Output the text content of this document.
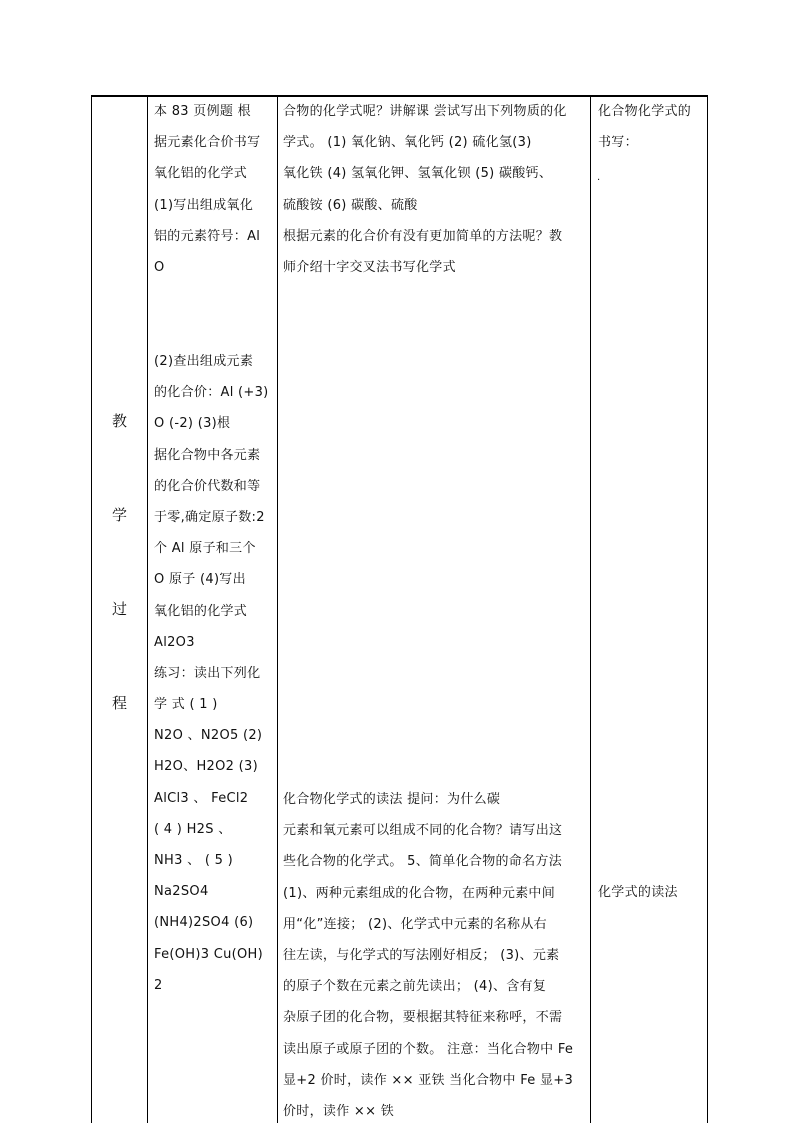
教
学
过
程
本 83 页例题 根
据元素化合价书写
氧化铝的化学式
(1)写出组成氧化
铝的元素符号：Al
O
(2)查出组成元素
的化合价：Al (+3)
O (-2) (3)根
据化合物中各元素
的化合价代数和等
于零,确定原子数:2
个 Al 原子和三个
O 原子 (4)写出
氧化铝的化学式
Al2O3
练习：读出下列化
学 式 ( 1 )
N2O 、N2O5 (2)
H2O、H2O2 (3)
AlCl3 、 FeCl2
( 4 ) H2S 、
NH3 、 ( 5 )
Na2SO4
(NH4)2SO4 (6)
Fe(OH)3 Cu(OH)
2
合物的化学式呢？讲解课 尝试写出下列物质的化
学式。 (1) 氧化钠、氧化钙 (2) 硫化氢(3)
氧化铁 (4) 氢氧化钾、氢氧化钡 (5) 碳酸钙、
硫酸铵 (6) 碳酸、硫酸
根据元素的化合价有没有更加简单的方法呢？教
师介绍十字交叉法书写化学式
化合物化学式的读法 提问：为什么碳
元素和氧元素可以组成不同的化合物？请写出这
些化合物的化学式。 5、简单化合物的命名方法
(1)、两种元素组成的化合物，在两种元素中间
用“化”连接； (2)、化学式中元素的名称从右
往左读，与化学式的写法刚好相反； (3)、元素
的原子个数在元素之前先读出； (4)、含有复
杂原子团的化合物，要根据其特征来称呼，不需
读出原子或原子团的个数。 注意：当化合物中 Fe
显+2 价时，读作 ×× 亚铁 当化合物中 Fe 显+3
价时，读作 ×× 铁
化合物化学式的
书写：
.
化学式的读法
